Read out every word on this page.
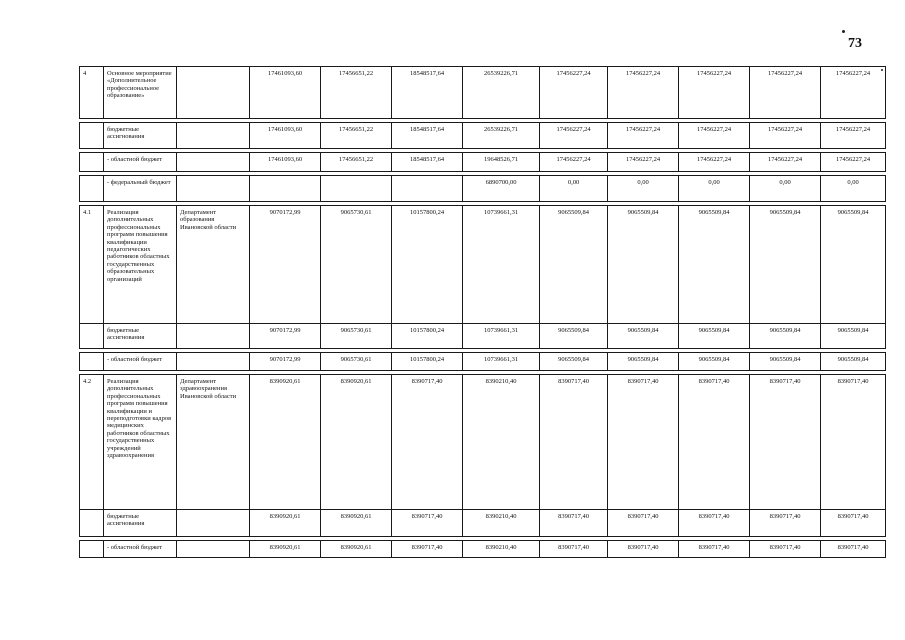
73
4	Основное мероприятие «Дополнительное профессиональное образование»		17461093,60	17456651,22	18548517,64	26539226,71	17456227,24	17456227,24	17456227,24	17456227,24	17456227,24

	бюджетные ассигнования		17461093,60	17456651,22	18548517,64	26539226,71	17456227,24	17456227,24	17456227,24	17456227,24	17456227,24

	- областной бюджет		17461093,60	17456651,22	18548517,64	19648526,71	17456227,24	17456227,24	17456227,24	17456227,24	17456227,24

	- федеральный бюджет					6890700,00	0,00	0,00	0,00	0,00	0,00

4.1	Реализация дополнительных профессиональных программ повышения квалификации педагогических работников областных государственных образовательных организаций	Департамент образования Ивановской области	9070172,99	9065730,61	10157800,24	10739661,31	9065509,84	9065509,84	9065509,84	9065509,84	9065509,84
	бюджетные ассигнования		9070172,99	9065730,61	10157800,24	10739661,31	9065509,84	9065509,84	9065509,84	9065509,84	9065509,84

	- областной бюджет		9070172,99	9065730,61	10157800,24	10739661,31	9065509,84	9065509,84	9065509,84	9065509,84	9065509,84

4.2	Реализация дополнительных профессиональных программ повышения квалификации и переподготовки кадров медицинских работников областных государственных учреждений здравоохранения	Департамент здравоохранения Ивановской области	8390920,61	8390920,61	8390717,40	8390210,40	8390717,40	8390717,40	8390717,40	8390717,40	8390717,40
	бюджетные ассигнования		8390920,61	8390920,61	8390717,40	8390210,40	8390717,40	8390717,40	8390717,40	8390717,40	8390717,40

	- областной бюджет		8390920,61	8390920,61	8390717,40	8390210,40	8390717,40	8390717,40	8390717,40	8390717,40	8390717,40
